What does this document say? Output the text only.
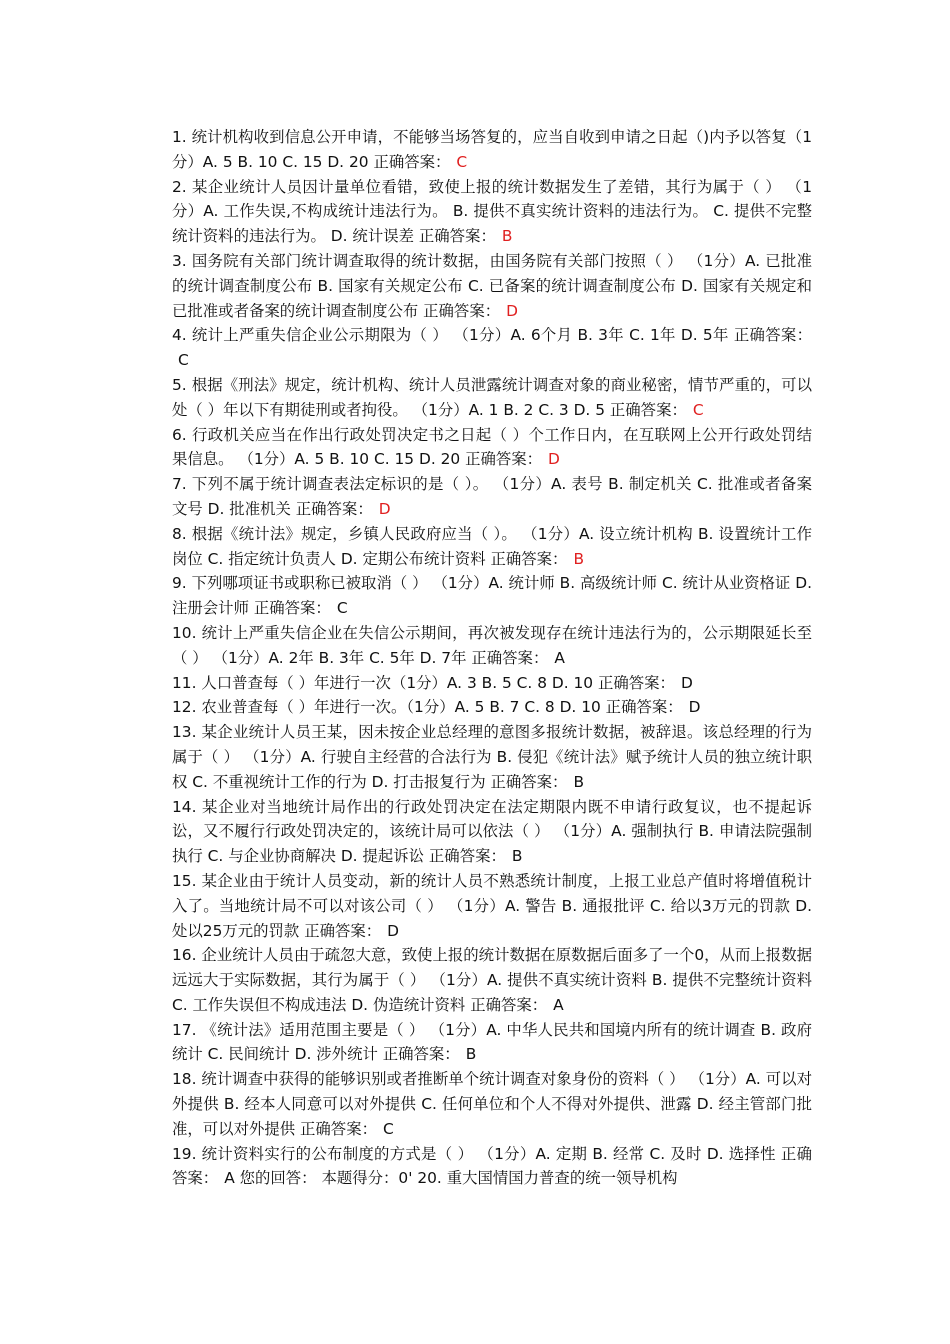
1. 统计机构收到信息公开申请，不能够当场答复的，应当自收到申请之日起（)内予以答复（1分）A. 5 B. 10 C. 15 D. 20 正确答案： C

2. 某企业统计人员因计量单位看错，致使上报的统计数据发生了差错，其行为属于（ ） （1分）A. 工作失误,不构成统计违法行为。 B. 提供不真实统计资料的违法行为。 C. 提供不完整统计资料的违法行为。 D. 统计误差 正确答案： B

3. 国务院有关部门统计调查取得的统计数据，由国务院有关部门按照（ ） （1分）A. 已批准的统计调查制度公布 B. 国家有关规定公布 C. 已备案的统计调查制度公布 D. 国家有关规定和已批准或者备案的统计调查制度公布 正确答案： D

4. 统计上严重失信企业公示期限为（ ） （1分）A. 6个月 B. 3年 C. 1年 D. 5年 正确答案：C

5. 根据《刑法》规定，统计机构、统计人员泄露统计调查对象的商业秘密，情节严重的，可以处（ ）年以下有期徒刑或者拘役。 （1分）A. 1 B. 2 C. 3 D. 5 正确答案： C

6. 行政机关应当在作出行政处罚决定书之日起（ ）个工作日内，在互联网上公开行政处罚结果信息。 （1分）A. 5 B. 10 C. 15 D. 20 正确答案： D

7. 下列不属于统计调查表法定标识的是（ ）。 （1分）A. 表号 B. 制定机关 C. 批准或者备案文号 D. 批准机关 正确答案： D

8. 根据《统计法》规定，乡镇人民政府应当（ ）。 （1分）A. 设立统计机构 B. 设置统计工作岗位 C. 指定统计负责人 D. 定期公布统计资料 正确答案： B

9. 下列哪项证书或职称已被取消（ ） （1分）A. 统计师 B. 高级统计师 C. 统计从业资格证 D. 注册会计师 正确答案： C

10. 统计上严重失信企业在失信公示期间，再次被发现存在统计违法行为的，公示期限延长至（ ） （1分）A. 2年 B. 3年 C. 5年 D. 7年 正确答案： A

11. 人口普查每（ ）年进行一次（1分）A. 3 B. 5 C. 8 D. 10 正确答案： D

12. 农业普查每（ ）年进行一次。（1分）A. 5 B. 7 C. 8 D. 10 正确答案： D

13. 某企业统计人员王某，因未按企业总经理的意图多报统计数据，被辞退。该总经理的行为属于（ ） （1分）A. 行驶自主经营的合法行为 B. 侵犯《统计法》赋予统计人员的独立统计职权 C. 不重视统计工作的行为 D. 打击报复行为 正确答案： B

14. 某企业对当地统计局作出的行政处罚决定在法定期限内既不申请行政复议，也不提起诉讼，又不履行行政处罚决定的，该统计局可以依法（ ） （1分）A. 强制执行 B. 申请法院强制执行 C. 与企业协商解决 D. 提起诉讼 正确答案： B

15. 某企业由于统计人员变动，新的统计人员不熟悉统计制度，上报工业总产值时将增值税计入了。当地统计局不可以对该公司（ ） （1分）A. 警告 B. 通报批评 C. 给以3万元的罚款 D. 处以25万元的罚款 正确答案： D

16. 企业统计人员由于疏忽大意，致使上报的统计数据在原数据后面多了一个0，从而上报数据远远大于实际数据，其行为属于（ ） （1分）A. 提供不真实统计资料 B. 提供不完整统计资料 C. 工作失误但不构成违法 D. 伪造统计资料 正确答案： A

17. 《统计法》适用范围主要是（ ） （1分）A. 中华人民共和国境内所有的统计调查 B. 政府统计 C. 民间统计 D. 涉外统计 正确答案： B

18. 统计调查中获得的能够识别或者推断单个统计调查对象身份的资料（ ） （1分）A. 可以对外提供 B. 经本人同意可以对外提供 C. 任何单位和个人不得对外提供、泄露 D. 经主管部门批准，可以对外提供 正确答案： C

19. 统计资料实行的公布制度的方式是（ ） （1分）A. 定期 B. 经常 C. 及时 D. 选择性 正确答案： A 您的回答： 本题得分：0' 20. 重大国情国力普查的统一领导机构
